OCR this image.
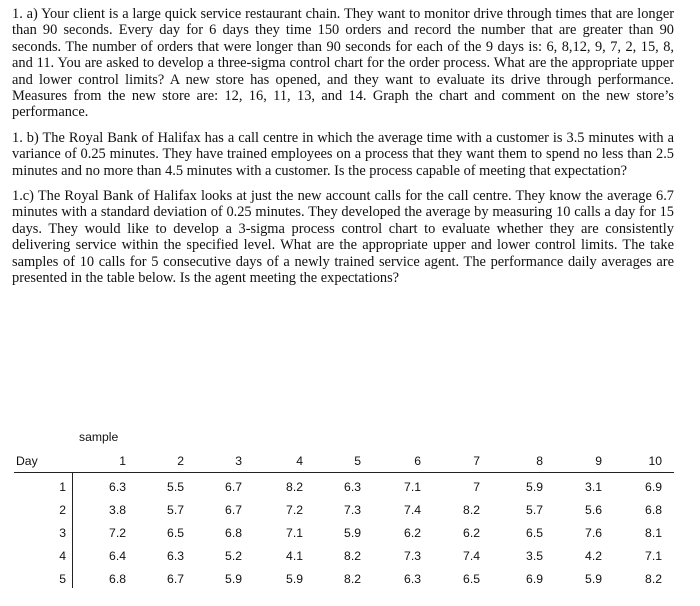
1. a) Your client is a large quick service restaurant chain. They want to monitor drive through times that are longer than 90 seconds. Every day for 6 days they time 150 orders and record the number that are greater than 90 seconds. The number of orders that were longer than 90 seconds for each of the 9 days is: 6, 8,12, 9, 7, 2, 15, 8, and 11. You are asked to develop a three-sigma control chart for the order process. What are the appropriate upper and lower control limits? A new store has opened, and they want to evaluate its drive through performance. Measures from the new store are: 12, 16, 11, 13, and 14. Graph the chart and comment on the new store’s performance.

1. b) The Royal Bank of Halifax has a call centre in which the average time with a customer is 3.5 minutes with a variance of 0.25 minutes. They have trained employees on a process that they want them to spend no less than 2.5 minutes and no more than 4.5 minutes with a customer. Is the process capable of meeting that expectation?

1.c) The Royal Bank of Halifax looks at just the new account calls for the call centre. They know the average 6.7 minutes with a standard deviation of 0.25 minutes. They developed the average by measuring 10 calls a day for 15 days. They would like to develop a 3-sigma process control chart to evaluate whether they are consistently delivering service within the specified level. What are the appropriate upper and lower control limits. The take samples of 10 calls for 5 consecutive days of a newly trained service agent. The performance daily averages are presented in the table below. Is the agent meeting the expectations?

sample
Day	1	2	3	4	5	6	7	8	9	10
1	6.3	5.5	6.7	8.2	6.3	7.1	7	5.9	3.1	6.9
2	3.8	5.7	6.7	7.2	7.3	7.4	8.2	5.7	5.6	6.8
3	7.2	6.5	6.8	7.1	5.9	6.2	6.2	6.5	7.6	8.1
4	6.4	6.3	5.2	4.1	8.2	7.3	7.4	3.5	4.2	7.1
5	6.8	6.7	5.9	5.9	8.2	6.3	6.5	6.9	5.9	8.2
